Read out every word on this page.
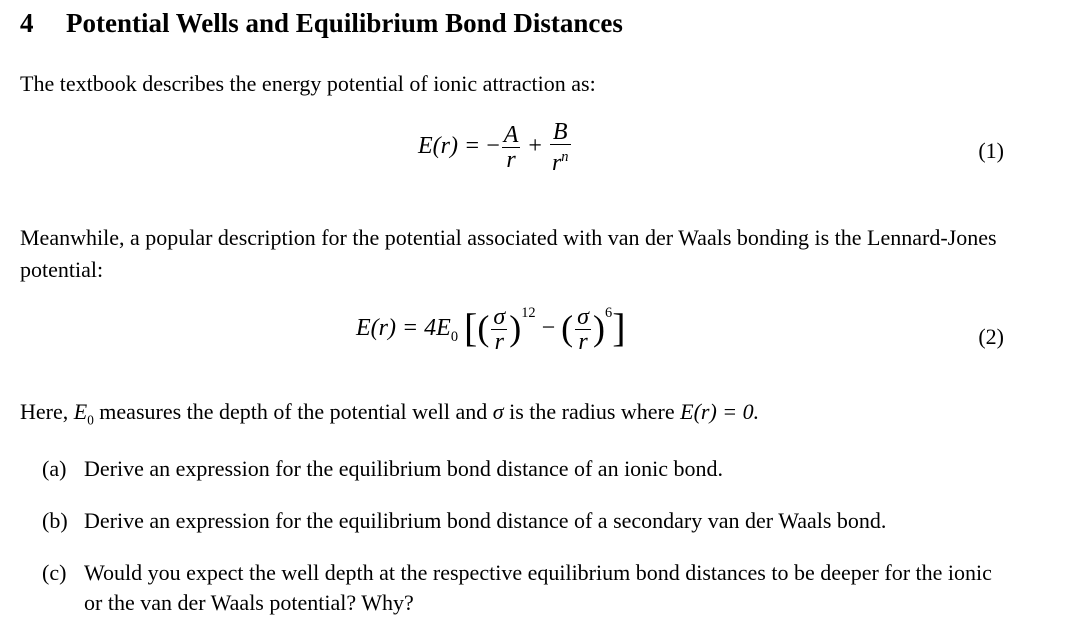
4 Potential Wells and Equilibrium Bond Distances
The textbook describes the energy potential of ionic attraction as:
E(r) = − $\frac{A}{r} + \frac{B}{r^n}$	(1)
Meanwhile, a popular description for the potential associated with van der Waals bonding is the Lennard-Jones potential:
$E(r) = 4E_0$ [( $\frac{\sigma}{r} )^{12}$ − ( $\frac{\sigma}{r} )^6$]	(2)
Here, $E_0$ measures the depth of the potential well and σ is the radius where E(r) = 0.
(a) Derive an expression for the equilibrium bond distance of an ionic bond.
(b) Derive an expression for the equilibrium bond distance of a secondary van der Waals bond.
(c) Would you expect the well depth at the respective equilibrium bond distances to be deeper for the ionic or the van der Waals potential? Why?
